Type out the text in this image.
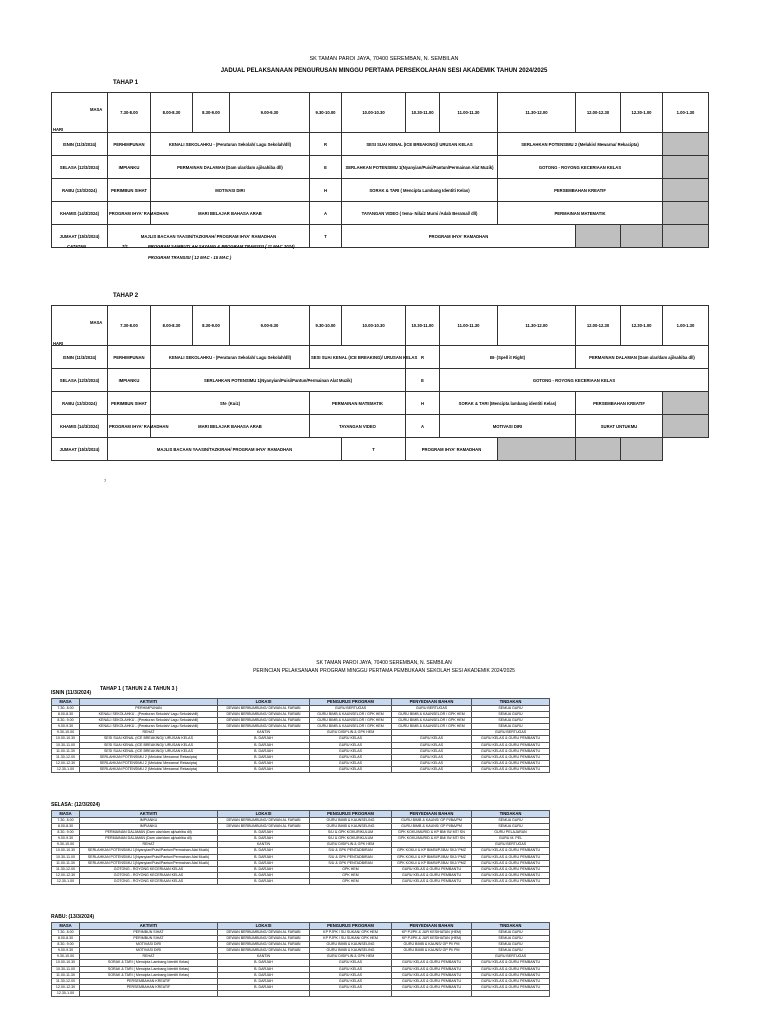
SK TAMAN PAROI JAYA, 70400 SEREMBAN, N. SEMBILAN
JADUAL PELAKSANAAN PENGURUSAN MINGGU PERTAMA PERSEKOLAHAN SESI AKADEMIK TAHUN 2024/2025
TAHAP 1
	7.30-8.00	8.00-8.30	8.30-9.00	9.00-9.30	9.30-10.00	10.00-10.30	10.30-11.00	11.00-11.30	11.30-12.00	12.00-12.30	12.30-1.00	1.00-1.30
ISNIN (11/3/2024)	PERHIMPUNAN	KENALI SEKOLAHKU - (Peraturan Sekolah/ Lagu Sekolah/dll)			R	SESI SUAI KENAL (ICE BREAKING)/ URUSAN KELAS			SERLAHKAN POTENSIMU 2 (Melukis/ Mewarna/ Rekacipta)			
SELASA (12/3/2024)	IMPIANKU	PERMAINAN DALAMAN (Dam ular/dam aji/sahiba dll)			E	SERLAHKAN POTENSIMU 1(Nyanyian/Puisi/Pantun/Permainan Alat Muzik)			GOTONG - ROYONG KECERIAAN KELAS			
RABU (13/3/2024)	PERIMBUN SIHAT	MOTIVASI DIRI			H	SORAK & TARI ( Mencipta Lambang Identiti Kelas)			PERSEMBAHAN KREATIF			
KHAMIS (14/3/2024)	PROGRAM IHYA' RAMADHAN	MARI BELAJAR BAHASA ARAB			A	TAYANGAN VIDEO ( tema- Nilai2 Murni /Adab Beramal/ dll)			PERMAINAN MATEMATIK			
JUMAAT (15/3/2024)	MAJLIS BACAAN YAASIN/TAZKIRAH/ PROGRAM IHYA' RAMADHAN				T	PROGRAM IHYA' RAMADHAN						
MASA
HARI
CATATAN	7/1	PROGRAM SAMBUTLAH SAYANG & PROGRAM TRANSISI ( 11 MAC 2024)
PROGRAM TRANSISI ( 12 MAC - 15 MAC )
TAHAP 2
	7.30-8.00	8.00-8.30	8.30-9.00	9.00-9.30	9.30-10.00	10.00-10.30	10.30-11.00	11.00-11.30	11.30-12.00	12.00-12.30	12.30-1.00	1.00-1.30
ISNIN (11/3/2024)	PERHIMPUNAN	KENALI SEKOLAHKU - (Peraturan Sekolah/ Lagu Sekolah/dll)			SESI SUAI KENAL (ICE BREAKING)/ URUSAN KELAS		R	BI- (Spell it Right)		PERMAINAN DALAMAN (Dam ular/dam aji/sahiba dll)		
SELASA (12/3/2024)	IMPIANKU	SERLAHKAN POTENSIMU 1(Nyanyian/Puisi/Pantun/Permainan Alat Muzik)					E	GOTONG - ROYONG KECERIAAN KELAS				
RABU (13/3/2024)	PERIMBUN SIHAT	SN- (Kuiz)			PERMAINAN MATEMATIK		H	SORAK & TARI (Mencipta lambang identiti Kelas)		PERSEMBAHAN KREATIF		
KHAMIS (14/3/2024)	PROGRAM IHYA' RAMADHAN	MARI BELAJAR BAHASA ARAB			TAYANGAN VIDEO		A	MOTIVASI DIRI		SURAT UNTUKMU		
JUMAAT (15/3/2024)	MAJLIS BACAAN YAASIN/TAZKIRAH/ PROGRAM IHYA' RAMADHAN					T	PROGRAM IHYA' RAMADHAN					
MASA
HARI
7
SK TAMAN PAROI JAYA, 70400 SEREMBAN, N. SEMBILAN
PERINCIAN PELAKSANAAN PROGRAM MINGGU PERTAMA PEMBUKAAN SEKOLAH SESI AKADEMIK 2024/2025
TAHAP 1 ( TAHUN 2 & TAHUN 3 )
ISNIN (11/3/2024)
MASA	AKTIVITI	LOKASI	PENGURUS PROGRAM	PENYEDIAAN BAHAN	TINDAKAN
7.30- 8.00	PERHIMPUNAN	DEWAN BERBUMBUNG/ DEWAN AL FARABI	GURU BERTUGAS	GURU BERTUGAS	SEMUA GURU
8.00-8.30	KENALI SEKOLAHKU - (Peraturan Sekolah/ Lagu Sekolah/dll)	DEWAN BERBUMBUNG/ DEWAN AL FARABI	GURU BIMB & KAUNSELOR / GPK HEM	GURU BIMB & KAUNSELOR / GPK HEM	SEMUA GURU
8.30- 9.00	KENALI SEKOLAHKU - (Peraturan Sekolah/ Lagu Sekolah/dll)	DEWAN BERBUMBUNG/ DEWAN AL FARABI	GURU BIMB & KAUNSELOR / GPK HEM	GURU BIMB & KAUNSELOR / GPK HEM	SEMUA GURU
9.00-9.30	KENALI SEKOLAHKU - (Peraturan Sekolah/ Lagu Sekolah/dll)	DEWAN BERBUMBUNG/ DEWAN AL FARABI	GURU BIMB & KAUNSELOR / GPK HEM	GURU BIMB & KAUNSELOR / GPK HEM	SEMUA GURU
9.30-10.00	REHAT	KANTIN	GURU DISIPLIN & GPK HEM		GURU BERTUGAS
10.00-10.30	SESI SUAI KENAL (ICE BREAKING)/ URUSAN KELAS	B. DARJAH	GURU KELAS	GURU KELAS	GURU KELAS & GURU PEMBANTU
10.30-11.00	SESI SUAI KENAL (ICE BREAKING)/ URUSAN KELAS	B. DARJAH	GURU KELAS	GURU KELAS	GURU KELAS & GURU PEMBANTU
11.00-11.30	SESI SUAI KENAL (ICE BREAKING)/ URUSAN KELAS	B. DARJAH	GURU KELAS	GURU KELAS	GURU KELAS & GURU PEMBANTU
11.30-12.00	SERLAHKAN POTENSIMU 2 (Melukis/ Mewarna/ Rekacipta)	B. DARJAH	GURU KELAS	GURU KELAS	GURU KELAS & GURU PEMBANTU
12.00-12.30	SERLAHKAN POTENSIMU 2 (Melukis/ Mewarna/ Rekacipta)	B. DARJAH	GURU KELAS	GURU KELAS	GURU KELAS & GURU PEMBANTU
12.30-1.00	SERLAHKAN POTENSIMU 2 (Melukis/ Mewarna/ Rekacipta)	B. DARJAH	GURU KELAS	GURU KELAS	GURU KELAS & GURU PEMBANTU
SELASA: (12/3/2024)
MASA	AKTIVITI	LOKASI	PENGURUS PROGRAM	PENYEDIAAN BAHAN	TINDAKAN
7.30- 8.00	IMPIANKU	DEWAN BERBUMBUNG/ DEWAN AL FARABI	GURU BIMB & KAUNSELING	GURU BIMB & KAUNS/ GP PI/BA/PM	SEMUA GURU
8.00-8.30	IMPIANKU	DEWAN BERBUMBUNG/ DEWAN AL FARABI	GURU BIMB & KAUNSELING	GURU BIMB & KAUNS/ GP PI/BA/PM	SEMUA GURU
8.30- 9.00	PERMAINAN DALAMAN (Dam ular/dam aji/sahiba dll)	B. DARJAH	S/U & GPK KOKURIKULUM	GPK KOKU/MURID & KP BM/ BI/ MT/ SN	GURU PELAJARAN
9.00-9.30	PERMAINAN DALAMAN (Dam ular/dam aji/sahiba dll)	B. DARJAH	S/U & GPK KOKURIKULUM	GPK KOKU/MURID & KP BM/ BI/ MT/ SN	GURU M. PEL
9.30-10.00	REHAT	KANTIN	GURU DISIPLIN & GPK HEM		GURU BERTUGAS
10.00-10.30	SERLAHKAN POTENSIMU 1(Nyanyian/Puisi/Pantun/Permainan Alat Muzik)	B. DARJAH	S/U & GPK PENTADBIRAN	GPK KOKU/ & KP BM/BI/PJ/BA/ SKJ/ PMZ	GURU KELAS & GURU PEMBANTU
10.30-11.00	SERLAHKAN POTENSIMU 1(Nyanyian/Puisi/Pantun/Permainan Alat Muzik)	B. DARJAH	S/U & GPK PENTADBIRAN	GPK KOKU/ & KP BM/BI/PJ/BA/ SKJ/ PMZ	GURU KELAS & GURU PEMBANTU
11.00-11.30	SERLAHKAN POTENSIMU 1(Nyanyian/Puisi/Pantun/Permainan Alat Muzik)	B. DARJAH	S/U & GPK PENTADBIRAN	GPK KOKU/ & KP BM/BI/PJ/BA/ SKJ/ PMZ	GURU KELAS & GURU PEMBANTU
11.30-12.00	GOTONG - ROYONG KECERIAAN KELAS	B. DARJAH	GPK HEM	GURU KELAS & GURU PEMBANTU	GURU KELAS & GURU PEMBANTU
12.00-12.30	GOTONG - ROYONG KECERIAAN KELAS	B. DARJAH	GPK HEM	GURU KELAS & GURU PEMBANTU	GURU KELAS & GURU PEMBANTU
12.30-1.00	GOTONG - ROYONG KECERIAAN KELAS	B. DARJAH	GPK HEM	GURU KELAS & GURU PEMBANTU	GURU KELAS & GURU PEMBANTU
RABU: (13/3/2024)
MASA	AKTIVITI	LOKASI	PENGURUS PROGRAM	PENYEDIAAN BAHAN	TINDAKAN
7.30- 8.00	PERIMBUN SIHAT	DEWAN BERBUMBUNG/ DEWAN AL FARABI	KP PJPK / SU SUKAN/ GPK HEM	KP PJ/PK & JUR KESIHATAN (HEM)	SEMUA GURU
8.00-8.30	PERIMBUN SIHAT	DEWAN BERBUMBUNG/ DEWAN AL FARABI	KP PJPK / SU SUKAN/ GPK HEM	KP PJ/PK & JUR KESIHATAN (HEM)	SEMUA GURU
8.30- 9.00	MOTIVASI DIRI	DEWAN BERBUMBUNG/ DEWAN AL FARABI	GURU BIMB & KAUNSELING	GURU BIMB & KAUNS/ GP PI/ PM	SEMUA GURU
9.00-9.30	MOTIVASI DIRI	DEWAN BERBUMBUNG/ DEWAN AL FARABI	GURU BIMB & KAUNSELING	GURU BIMB & KAUNS/ GP PI/ PM	SEMUA GURU
9.30-10.00	REHAT	KANTIN	GURU DISIPLIN & GPK HEM		GURU BERTUGAS
10.00-10.30	SORAK & TARI ( Mencipta Lambang Identiti Kelas)	B. DARJAH	GURU KELAS	GURU KELAS & GURU PEMBANTU	GURU KELAS & GURU PEMBANTU
10.30-11.00	SORAK & TARI ( Mencipta Lambang Identiti Kelas)	B. DARJAH	GURU KELAS	GURU KELAS & GURU PEMBANTU	GURU KELAS & GURU PEMBANTU
11.00-11.30	SORAK & TARI ( Mencipta Lambang Identiti Kelas)	B. DARJAH	GURU KELAS	GURU KELAS & GURU PEMBANTU	GURU KELAS & GURU PEMBANTU
11.30-12.00	PERSEMBAHAN KREATIF	B. DARJAH	GURU KELAS	GURU KELAS & GURU PEMBANTU	GURU KELAS & GURU PEMBANTU
12.00-12.30	PERSEMBAHAN KREATIF	B. DARJAH	GURU KELAS	GURU KELAS & GURU PEMBANTU	GURU KELAS & GURU PEMBANTU
12.30-1.00					
